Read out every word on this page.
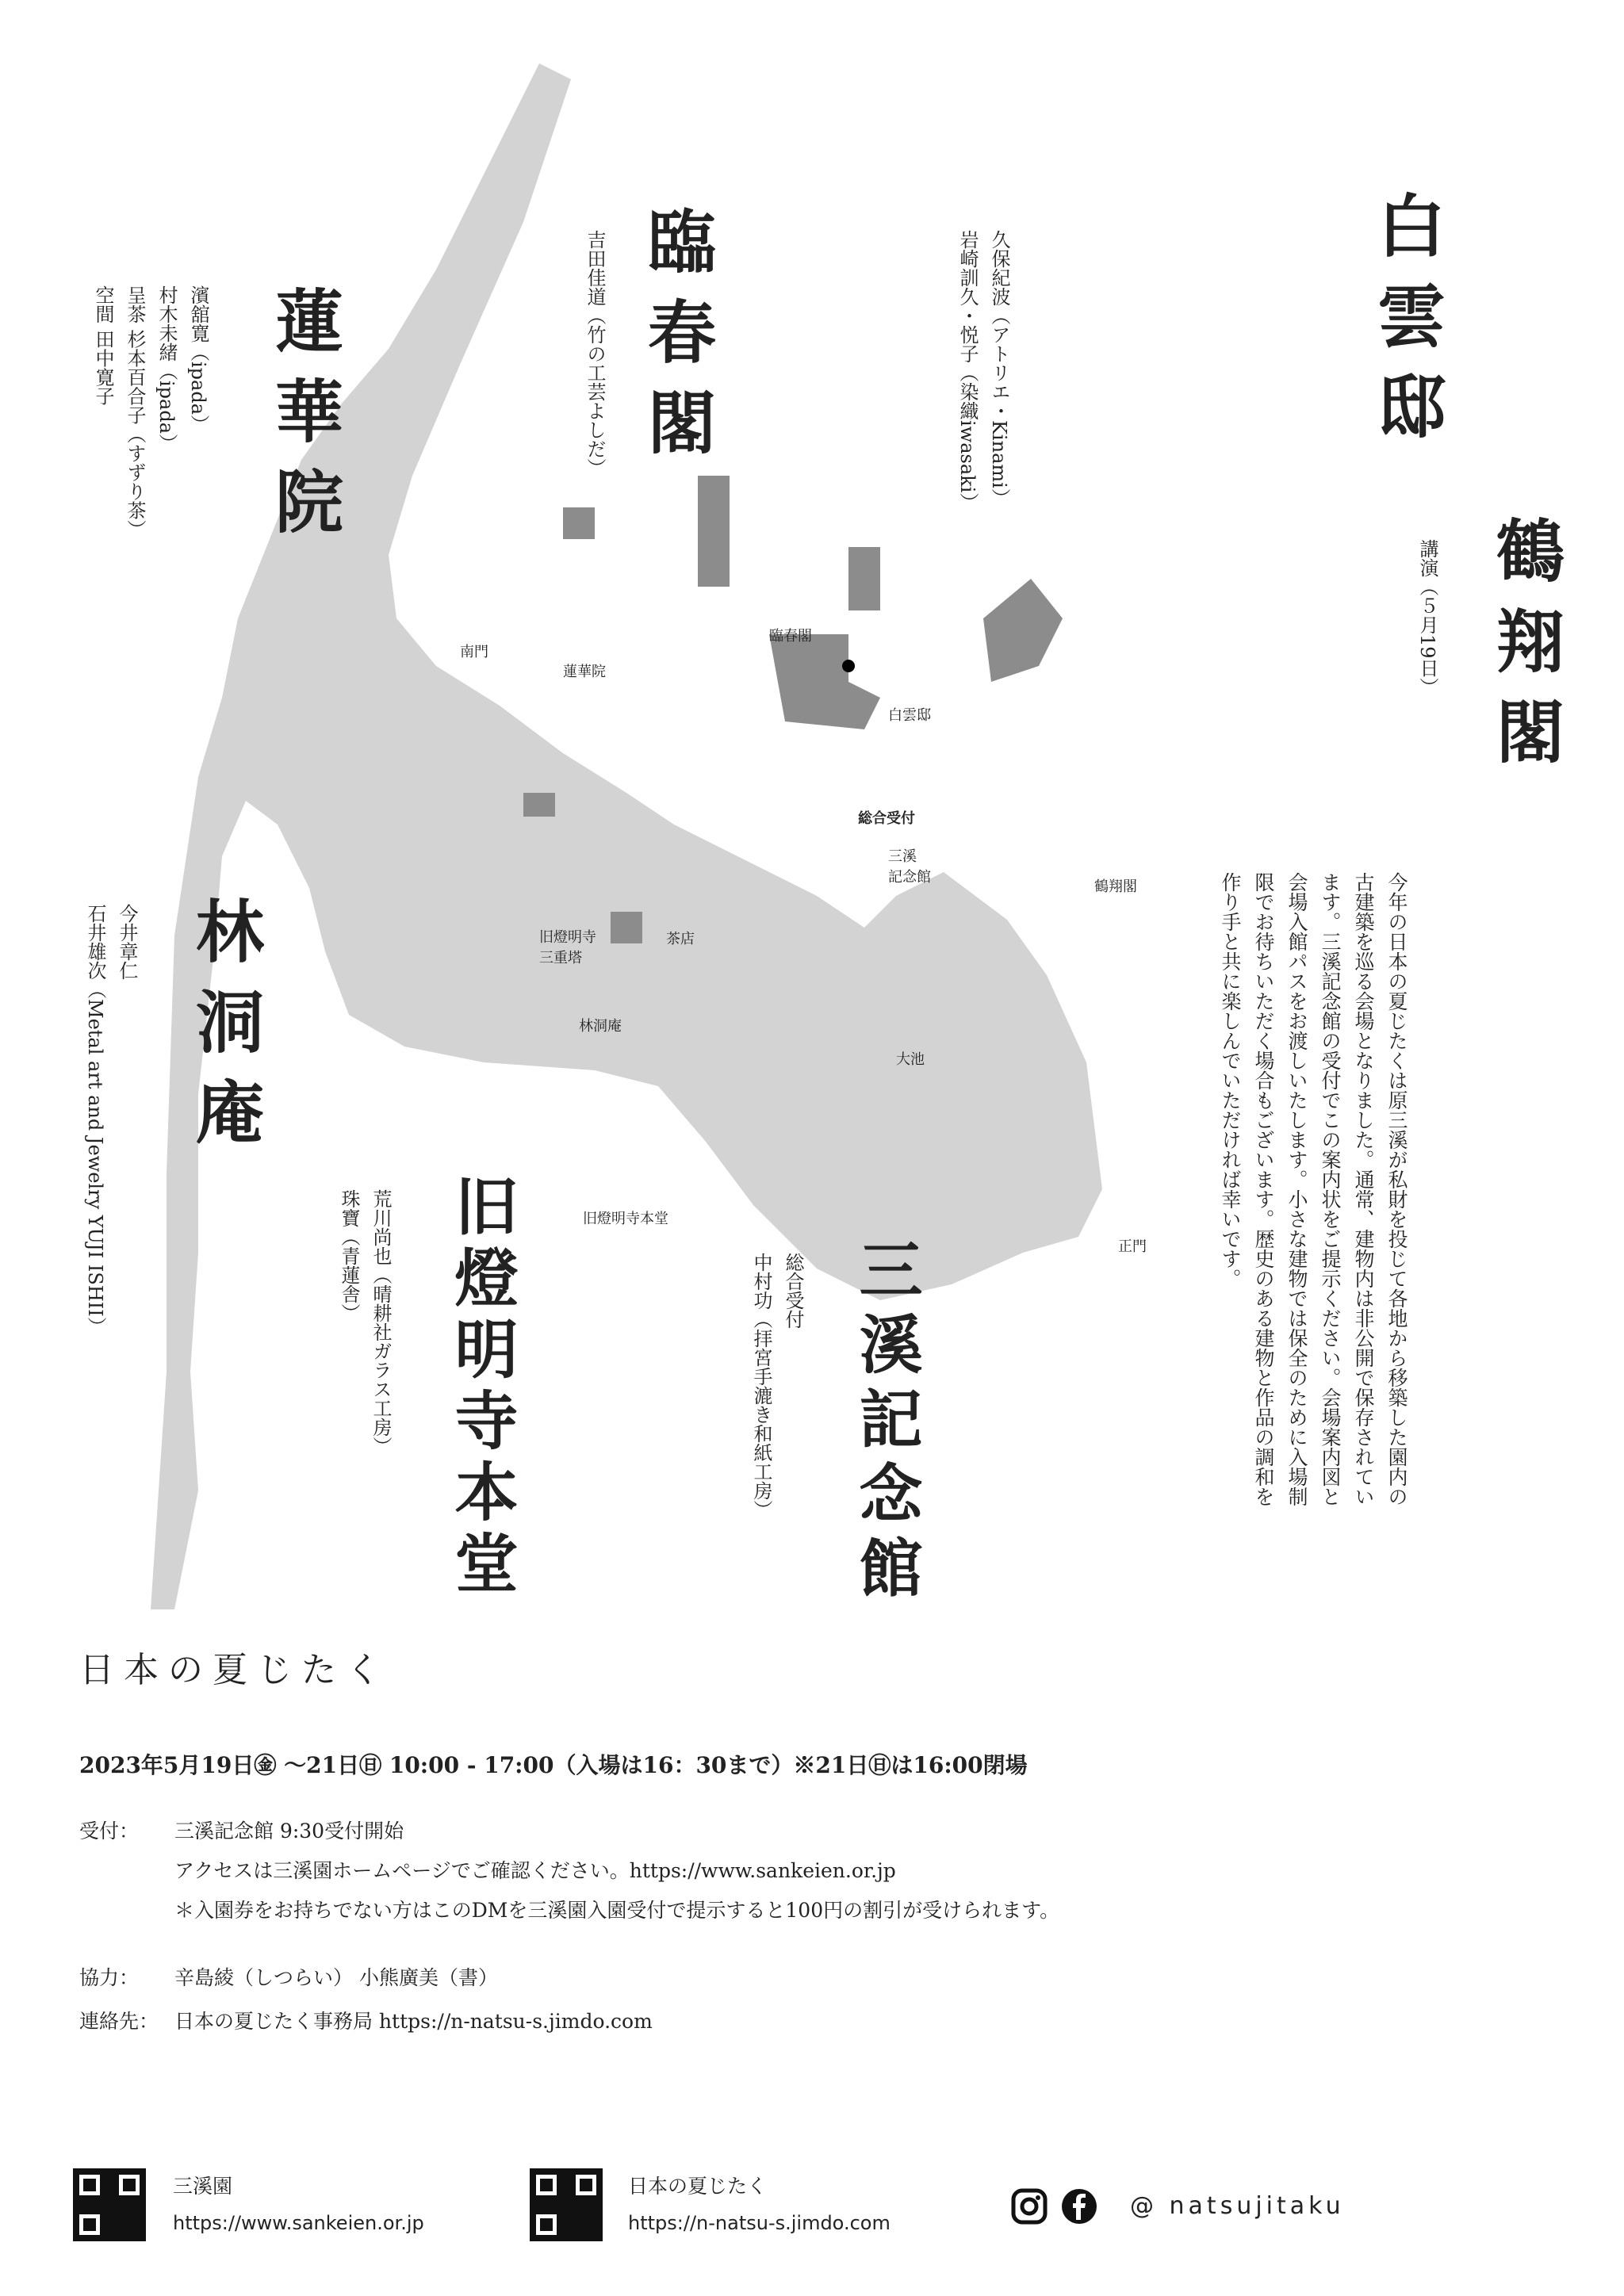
南門
蓮華院
臨春閣
白雲邸
総合受付
三溪
記念館
鶴翔閣
旧燈明寺
三重塔
茶店
林洞庵
大池
旧燈明寺本堂
正門
白雲邸
久保紀波（アトリエ・Kinami）
岩崎訓久・悦子（染織iwasaki）
臨春閣
吉田佳道（竹の工芸よしだ）
蓮華院
濱舘寛（ipada）
村木未緒（ipada）
呈茶 杉本百合子（すずり茶）
空間 田中寛子
鶴翔閣
講演（５月19日）
林洞庵
今井章仁
石井雄次（Metal art and Jewelry YUJI ISHII）
旧燈明寺本堂
荒川尚也（晴耕社ガラス工房）
珠寶（青蓮舎）	三溪記念館
総合受付
中村功（拝宮手漉き和紙工房）	今年の日本の夏じたくは原三溪が私財を投じて各地から移築した園内の古建築を巡る会場となりました。通常、建物内は非公開で保存されています。三溪記念館の受付でこの案内状をご提示ください。会場案内図と会場入館パスをお渡しいたします。小さな建物では保全のために入場制限でお待ちいただく場合もございます。歴史のある建物と作品の調和を作り手と共に楽しんでいただければ幸いです。
日本の夏じたく
2023年5月19日㊎ 〜21日㊐ 10:00 - 17:00（入場は16：30まで）※21日㊐は16:00閉場
受付： 三溪記念館 9:30受付開始
アクセスは三溪園ホームページでご確認ください。https://www.sankeien.or.jp
＊入園券をお持ちでない方はこのDMを三溪園入園受付で提示すると100円の割引が受けられます。
協力： 辛島綾（しつらい） 小熊廣美（書）
連絡先： 日本の夏じたく事務局 https://n-natsu-s.jimdo.com
三溪園
https://www.sankeien.or.jp
日本の夏じたく
https://n-natsu-s.jimdo.com
@ natsujitaku
